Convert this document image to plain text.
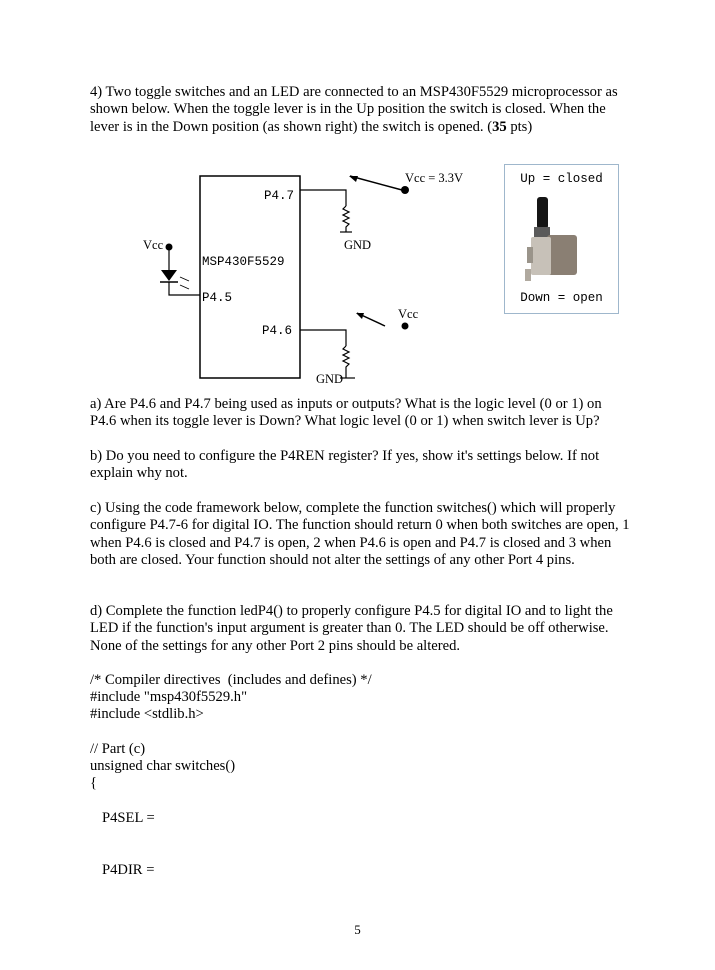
4) Two toggle switches and an LED are connected to an MSP430F5529 microprocessor as shown below. When the toggle lever is in the Up position the switch is closed. When the lever is in the Down position (as shown right) the switch is opened. (35 pts)
P4.7
MSP430F5529
P4.5
P4.6
GND
Vcc = 3.3V
GND
Vcc
Vcc
Up = closed
Down = open
a) Are P4.6 and P4.7 being used as inputs or outputs? What is the logic level (0 or 1) on P4.6 when its toggle lever is Down? What logic level (0 or 1) when switch lever is Up?
b) Do you need to configure the P4REN register? If yes, show it's settings below. If not explain why not.
c) Using the code framework below, complete the function switches() which will properly configure P4.7-6 for digital IO. The function should return 0 when both switches are open, 1 when P4.6 is closed and P4.7 is open, 2 when P4.6 is open and P4.7 is closed and 3 when both are closed. Your function should not alter the settings of any other Port 4 pins.
d) Complete the function ledP4() to properly configure P4.5 for digital IO and to light the LED if the function's input argument is greater than 0. The LED should be off otherwise. None of the settings for any other Port 2 pins should be altered.
/* Compiler directives  (includes and defines) */
#include "msp430f5529.h"
#include <stdlib.h>
// Part (c)
unsigned char switches()
{
P4SEL =
P4DIR =
5
